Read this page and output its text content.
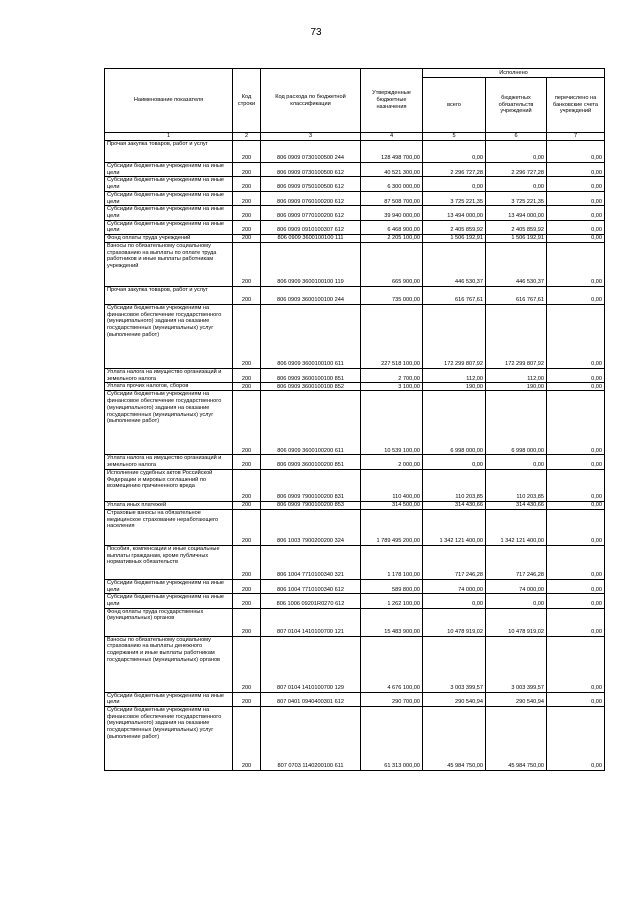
73
Наименование показателя	Код строки	Код расхода по бюджетной классификации	Утвержденные бюджетные назначения	Исполнено		
				всего	бюджетных обязательств учреждений	перечислено на банковские счета учреждений
1	2	3	4	5	6	7
Прочая закупка товаров, работ и услуг	200	806 0909 0730100500 244	128 498 700,00	0,00	0,00	0,00
Субсидии бюджетным учреждениям на иные цели	200	806 0909 0730100500 612	40 521 300,00	2 296 727,28	2 296 727,28	0,00
Субсидии бюджетным учреждениям на иные цели	200	806 0909 0750100500 612	6 300 000,00	0,00	0,00	0,00
Субсидии бюджетным учреждениям на иные цели	200	806 0909 0760100200 612	87 508 700,00	3 725 221,35	3 725 221,35	0,00
Субсидии бюджетным учреждениям на иные цели	200	806 0909 0770100200 612	39 940 000,00	13 494 000,00	13 494 000,00	0,00
Субсидии бюджетным учреждениям на иные цели	200	806 0909 0910100307 612	6 468 900,00	2 405 859,92	2 405 859,92	0,00
Фонд оплаты труда учреждений	200	806 0909 3600100100 111	2 205 100,00	1 506 192,91	1 506 192,91	0,00
Взносы по обязательному социальному страхованию на выплаты по оплате труда работников и иные выплаты работникам учреждений	200	806 0909 3600100100 119	665 900,00	446 530,37	446 530,37	0,00
Прочая закупка товаров, работ и услуг	200	806 0909 3600100100 244	735 000,00	616 767,61	616 767,61	0,00
Субсидии бюджетным учреждениям на финансовое обеспечение государственного (муниципального) задания на оказание государственных (муниципальных) услуг (выполнение работ)	200	806 0909 3600100100 611	227 518 100,00	172 299 807,92	172 299 807,92	0,00
Уплата налога на имущество организаций и земельного налога	200	806 0909 3600100100 851	2 700,00	112,00	112,00	0,00
Уплата прочих налогов, сборов	200	806 0909 3600100100 852	3 100,00	190,00	190,00	0,00
Субсидии бюджетным учреждениям на финансовое обеспечение государственного (муниципального) задания на оказание государственных (муниципальных) услуг (выполнение работ)	200	806 0909 3600100200 611	10 539 100,00	6 998 000,00	6 998 000,00	0,00
Уплата налога на имущество организаций и земельного налога	200	806 0909 3600100200 851	2 000,00	0,00	0,00	0,00
Исполнение судебных актов Российской Федерации и мировых соглашений по возмещению причиненного вреда	200	806 0909 7900100200 831	110 400,00	110 203,85	110 203,85	0,00
Уплата иных платежей	200	806 0909 7900100200 853	314 500,00	314 430,66	314 430,66	0,00
Страховые взносы на обязательное медицинское страхование неработающего населения	200	806 1003 7900200200 324	1 789 495 200,00	1 342 121 400,00	1 342 121 400,00	0,00
Пособия, компенсации и иные социальные выплаты гражданам, кроме публичных нормативных обязательств	200	806 1004 7710100340 321	1 178 100,00	717 246,28	717 246,28	0,00
Субсидии бюджетным учреждениям на иные цели	200	806 1004 7710100340 612	589 800,00	74 000,00	74 000,00	0,00
Субсидии бюджетным учреждениям на иные цели	200	806 1006 09201R0270 612	1 262 100,00	0,00	0,00	0,00
Фонд оплаты труда государственных (муниципальных) органов	200	807 0104 1410100700 121	15 483 900,00	10 478 919,02	10 478 919,02	0,00
Взносы по обязательному социальному страхованию на выплаты денежного содержания и иные выплаты работникам государственных (муниципальных) органов	200	807 0104 1410100700 129	4 676 100,00	3 003 399,57	3 003 399,57	0,00
Субсидии бюджетным учреждениям на иные цели	200	807 0401 0940400301 612	290 700,00	290 540,94	290 540,94	0,00
Субсидии бюджетным учреждениям на финансовое обеспечение государственного (муниципального) задания на оказание государственных (муниципальных) услуг (выполнение работ)	200	807 0703 1140200100 611	61 313 000,00	45 984 750,00	45 984 750,00	0,00
